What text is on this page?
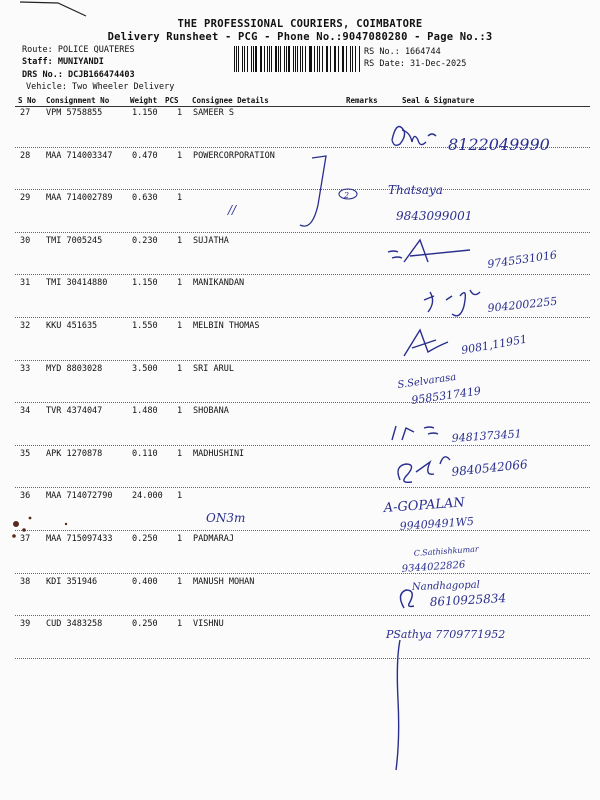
THE PROFESSIONAL COURIERS, COIMBATORE
Delivery Runsheet - PCG - Phone No.:9047080280 - Page No.:3
Route: POLICE QUATERES
Staff: MUNIYANDI
DRS No.: DCJB166474403
Vehicle: Two Wheeler Delivery
RS No.: 1664744
RS Date: 31-Dec-2025
S No Consignment No	Weight PCS Consignee Details	Remarks	Seal & Signature
27 VPM 5758855	1.150 1 SAMEER S
28 MAA 714003347 0.470 1 POWERCORPORATION
29 MAA 714002789 0.630 1
30 TMI 7005245	0.230 1 SUJATHA
31 TMI 30414880	1.150 1 MANIKANDAN
32 KKU 451635	1.550 1 MELBIN THOMAS
33 MYD 8803028	3.500 1 SRI ARUL
34 TVR 4374047	1.480 1 SHOBANA
35 APK 1270878	0.110 1 MADHUSHINI
36 MAA 714072790 24.000 1
37 MAA 715097433 0.250 1 PADMARAJ
38 KDI 351946	0.400 1 MANUSH MOHAN
39 CUD 3483258	0.250 1 VISHNU
8122049990
2
//
Thatsaya
9843099001
9745531016
9042002255
9081,11951
S.Selvarasa
9585317419
9481373451
9840542066
A-GOPALAN
99409491W5
ON3m
C.Sathishkumar
9344022826
Nandhagopal
8610925834
PSathya 7709771952
